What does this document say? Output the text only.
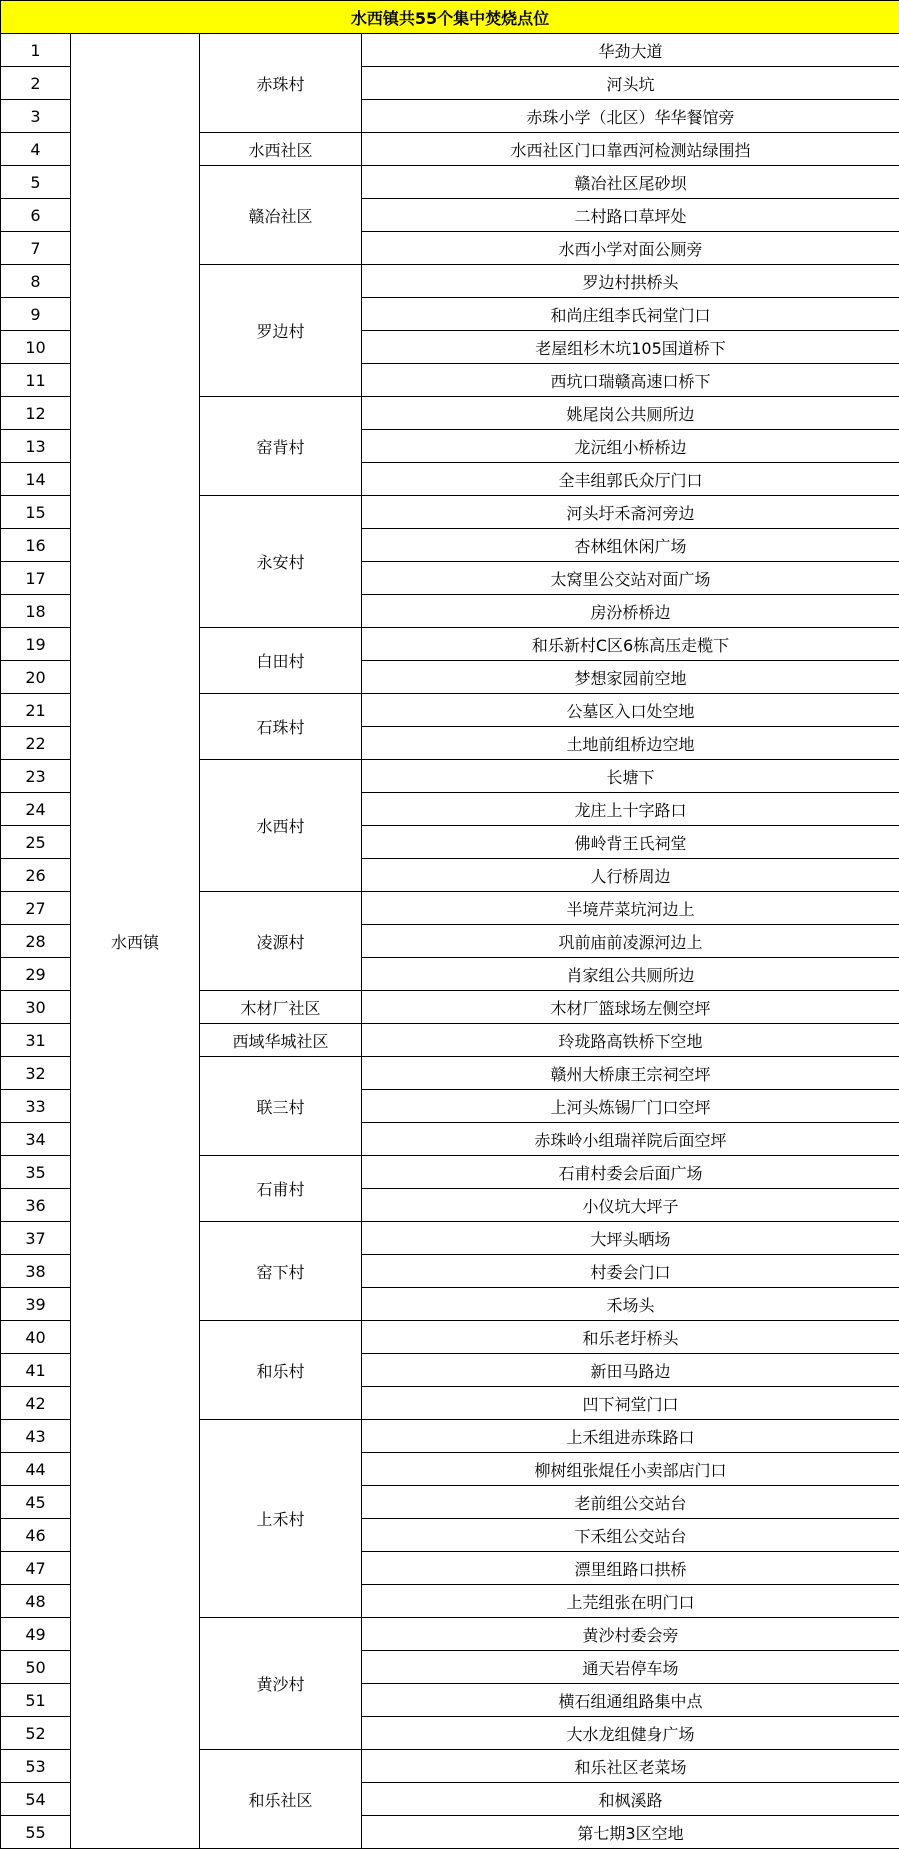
水西镇共55个集中焚烧点位			
1	水西镇	赤珠村	华劲大道
2			河头坑
3			赤珠小学（北区）华华餐馆旁
4		水西社区	水西社区门口靠西河检测站绿围挡
5		赣冶社区	赣冶社区尾砂坝
6			二村路口草坪处
7			水西小学对面公厕旁
8		罗边村	罗边村拱桥头
9			和尚庄组李氏祠堂门口
10			老屋组杉木坑105国道桥下
11			西坑口瑞赣高速口桥下
12		窑背村	姚尾岗公共厕所边
13			龙沅组小桥桥边
14			全丰组郭氏众厅门口
15		永安村	河头圩禾斋河旁边
16			杏林组休闲广场
17			太窝里公交站对面广场
18			房汾桥桥边
19		白田村	和乐新村C区6栋高压走榄下
20			梦想家园前空地
21		石珠村	公墓区入口处空地
22			土地前组桥边空地
23		水西村	长塘下
24			龙庄上十字路口
25			佛岭背王氏祠堂
26			人行桥周边
27		凌源村	半境芹菜坑河边上
28			巩前庙前凌源河边上
29			肖家组公共厕所边
30		木材厂社区	木材厂篮球场左侧空坪
31		西域华城社区	玲珑路高铁桥下空地
32		联三村	赣州大桥康王宗祠空坪
33			上河头炼锡厂门口空坪
34			赤珠岭小组瑞祥院后面空坪
35		石甫村	石甫村委会后面广场
36			小仪坑大坪子
37		窑下村	大坪头晒场
38			村委会门口
39			禾场头
40		和乐村	和乐老圩桥头
41			新田马路边
42			凹下祠堂门口
43		上禾村	上禾组进赤珠路口
44			柳树组张焜任小卖部店门口
45			老前组公交站台
46			下禾组公交站台
47			漂里组路口拱桥
48			上芫组张在明门口
49		黄沙村	黄沙村委会旁
50			通天岩停车场
51			横石组通组路集中点
52			大水龙组健身广场
53		和乐社区	和乐社区老菜场
54			和枫溪路
55			第七期3区空地
